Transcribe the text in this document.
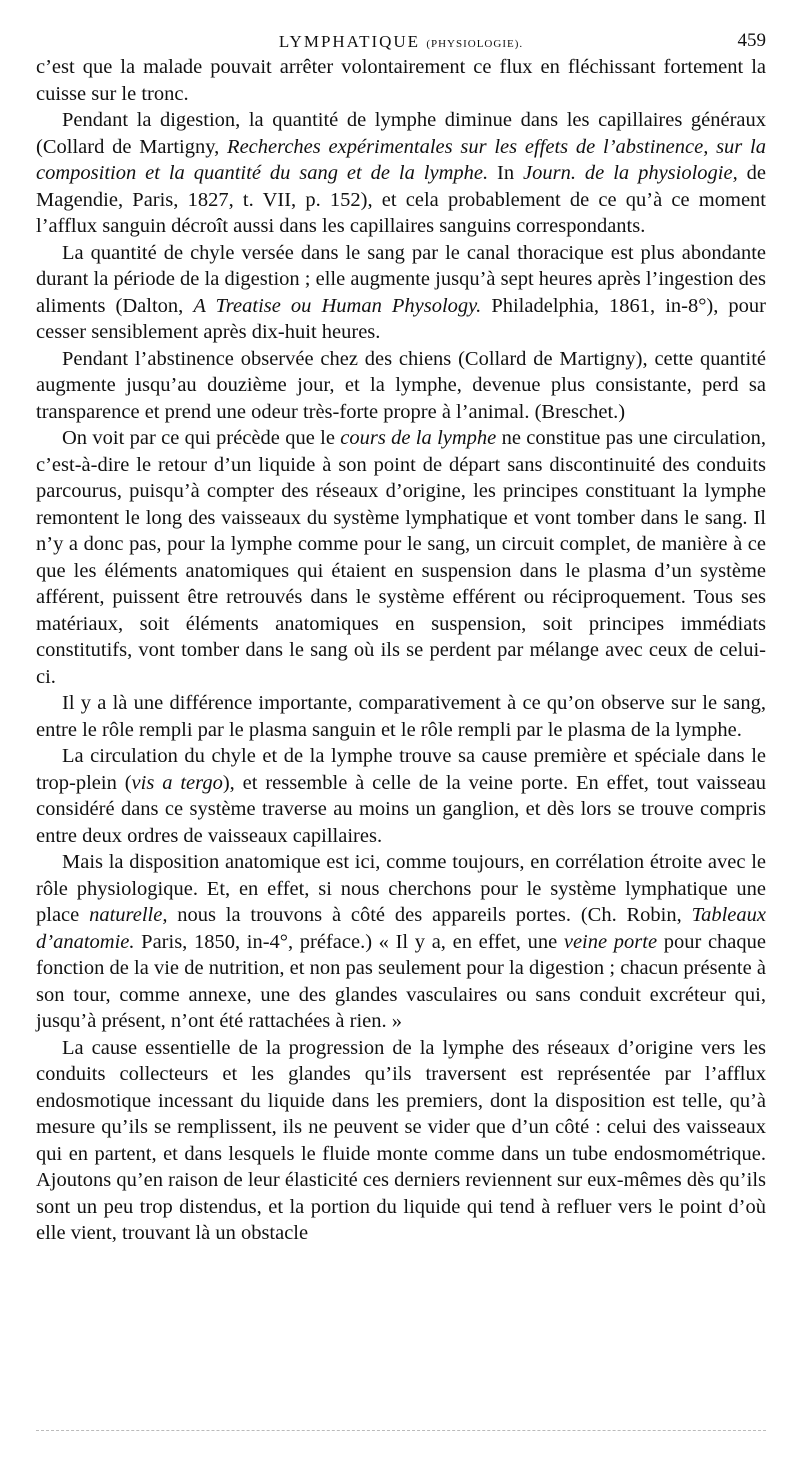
LYMPHATIQUE (PHYSIOLOGIE).	459

c’est que la malade pouvait arrêter volontairement ce flux en fléchissant fortement la cuisse sur le tronc.

Pendant la digestion, la quantité de lymphe diminue dans les capillaires généraux (Collard de Martigny, Recherches expérimentales sur les effets de l’abstinence, sur la composition et la quantité du sang et de la lymphe. In Journ. de la physiologie, de Magendie, Paris, 1827, t. VII, p. 152), et cela probablement de ce qu’à ce moment l’afflux sanguin décroît aussi dans les capillaires sanguins correspondants.

La quantité de chyle versée dans le sang par le canal thoracique est plus abondante durant la période de la digestion ; elle augmente jusqu’à sept heures après l’ingestion des aliments (Dalton, A Treatise ou Human Physology. Philadelphia, 1861, in-8°), pour cesser sensiblement après dix-huit heures.

Pendant l’abstinence observée chez des chiens (Collard de Martigny), cette quantité augmente jusqu’au douzième jour, et la lymphe, devenue plus consistante, perd sa transparence et prend une odeur très-forte propre à l’animal. (Breschet.)

On voit par ce qui précède que le cours de la lymphe ne constitue pas une circulation, c’est-à-dire le retour d’un liquide à son point de départ sans discontinuité des conduits parcourus, puisqu’à compter des réseaux d’origine, les principes constituant la lymphe remontent le long des vaisseaux du système lymphatique et vont tomber dans le sang. Il n’y a donc pas, pour la lymphe comme pour le sang, un circuit complet, de manière à ce que les éléments anatomiques qui étaient en suspension dans le plasma d’un système afférent, puissent être retrouvés dans le système efférent ou réciproquement. Tous ses matériaux, soit éléments anatomiques en suspension, soit principes immédiats constitutifs, vont tomber dans le sang où ils se perdent par mélange avec ceux de celui-ci.

Il y a là une différence importante, comparativement à ce qu’on observe sur le sang, entre le rôle rempli par le plasma sanguin et le rôle rempli par le plasma de la lymphe.

La circulation du chyle et de la lymphe trouve sa cause première et spéciale dans le trop-plein (vis a tergo), et ressemble à celle de la veine porte. En effet, tout vaisseau considéré dans ce système traverse au moins un ganglion, et dès lors se trouve compris entre deux ordres de vaisseaux capillaires.

Mais la disposition anatomique est ici, comme toujours, en corrélation étroite avec le rôle physiologique. Et, en effet, si nous cherchons pour le système lymphatique une place naturelle, nous la trouvons à côté des appareils portes. (Ch. Robin, Tableaux d’anatomie. Paris, 1850, in-4°, préface.) « Il y a, en effet, une veine porte pour chaque fonction de la vie de nutrition, et non pas seulement pour la digestion ; chacun présente à son tour, comme annexe, une des glandes vasculaires ou sans conduit excréteur qui, jusqu’à présent, n’ont été rattachées à rien. »

La cause essentielle de la progression de la lymphe des réseaux d’origine vers les conduits collecteurs et les glandes qu’ils traversent est représentée par l’afflux endosmotique incessant du liquide dans les premiers, dont la disposition est telle, qu’à mesure qu’ils se remplissent, ils ne peuvent se vider que d’un côté : celui des vaisseaux qui en partent, et dans lesquels le fluide monte comme dans un tube endosmométrique. Ajoutons qu’en raison de leur élasticité ces derniers reviennent sur eux-mêmes dès qu’ils sont un peu trop distendus, et la portion du liquide qui tend à refluer vers le point d’où elle vient, trouvant là un obstacle
